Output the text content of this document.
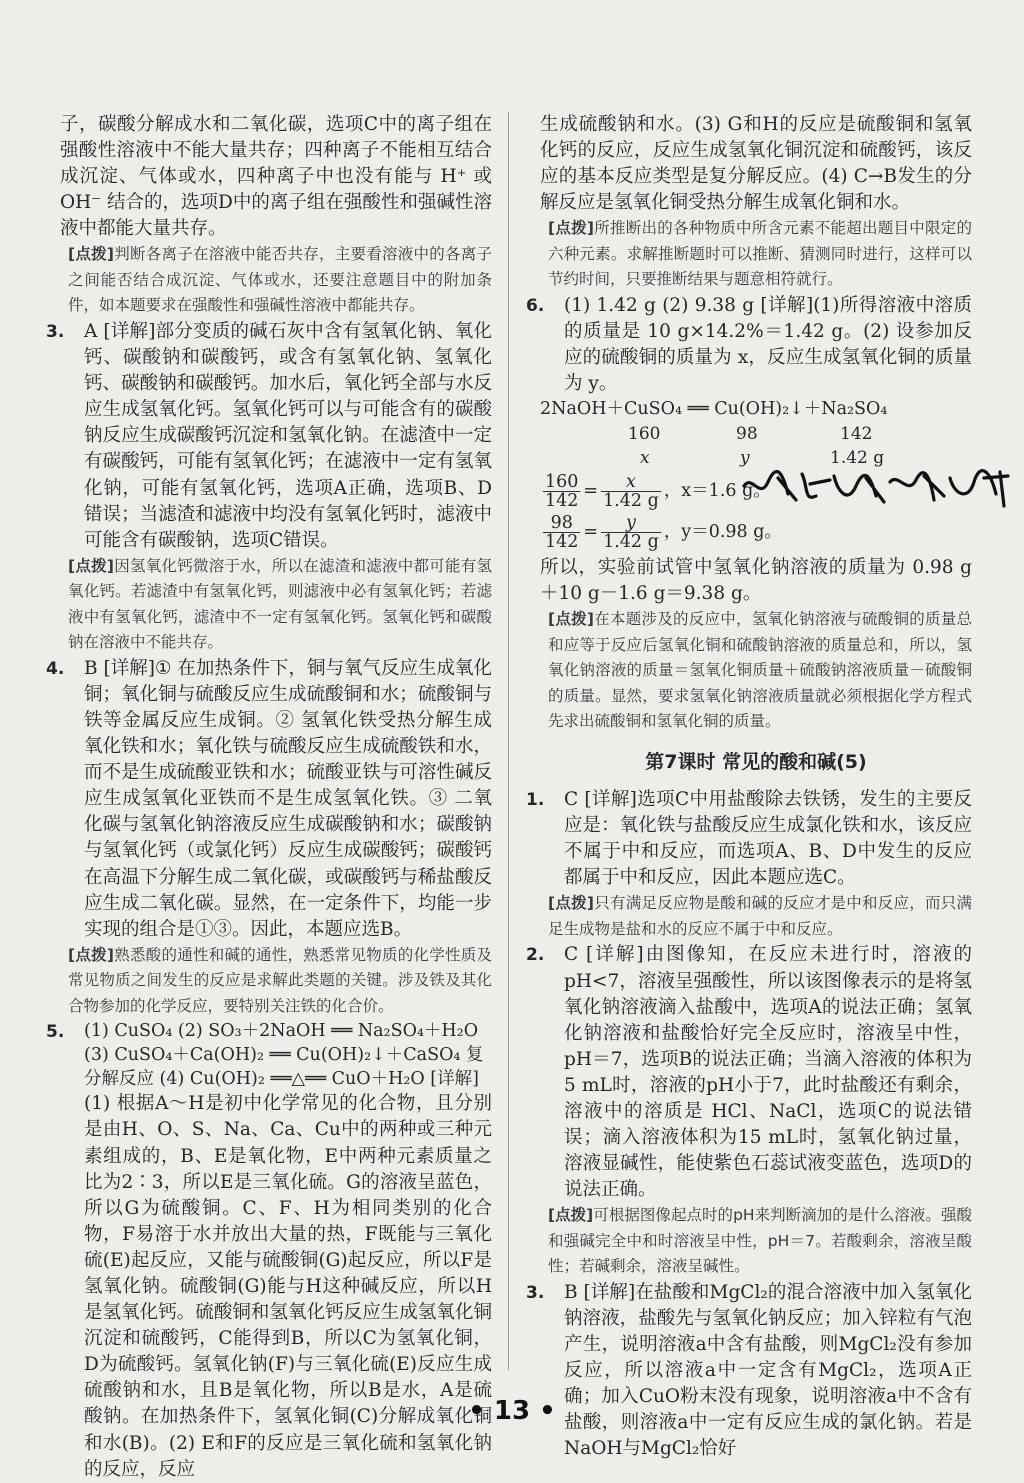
子，碳酸分解成水和二氧化碳，选项C中的离子组在强酸性溶液中不能大量共存；四种离子不能相互结合成沉淀、气体或水，四种离子中也没有能与 H⁺ 或 OH⁻ 结合的，选项D中的离子组在强酸性和强碱性溶液中都能大量共存。

[点拨]判断各离子在溶液中能否共存，主要看溶液中的各离子之间能否结合成沉淀、气体或水，还要注意题目中的附加条件，如本题要求在强酸性和强碱性溶液中都能共存。

3. A [详解]部分变质的碱石灰中含有氢氧化钠、氧化钙、碳酸钠和碳酸钙，或含有氢氧化钠、氢氧化钙、碳酸钠和碳酸钙。加水后，氧化钙全部与水反应生成氢氧化钙。氢氧化钙可以与可能含有的碳酸钠反应生成碳酸钙沉淀和氢氧化钠。在滤渣中一定有碳酸钙，可能有氢氧化钙；在滤液中一定有氢氧化钠，可能有氢氧化钙，选项A正确，选项B、D错误；当滤渣和滤液中均没有氢氧化钙时，滤液中可能含有碳酸钠，选项C错误。

[点拨]因氢氧化钙微溶于水，所以在滤渣和滤液中都可能有氢氧化钙。若滤渣中有氢氧化钙，则滤液中必有氢氧化钙；若滤液中有氢氧化钙，滤渣中不一定有氢氧化钙。氢氧化钙和碳酸钠在溶液中不能共存。

4. B [详解]① 在加热条件下，铜与氧气反应生成氧化铜；氧化铜与硫酸反应生成硫酸铜和水；硫酸铜与铁等金属反应生成铜。② 氢氧化铁受热分解生成氧化铁和水；氧化铁与硫酸反应生成硫酸铁和水，而不是生成硫酸亚铁和水；硫酸亚铁与可溶性碱反应生成氢氧化亚铁而不是生成氢氧化铁。③ 二氧化碳与氢氧化钠溶液反应生成碳酸钠和水；碳酸钠与氢氧化钙（或氯化钙）反应生成碳酸钙；碳酸钙在高温下分解生成二氧化碳，或碳酸钙与稀盐酸反应生成二氧化碳。显然，在一定条件下，均能一步实现的组合是①③。因此，本题应选B。

[点拨]熟悉酸的通性和碱的通性，熟悉常见物质的化学性质及常见物质之间发生的反应是求解此类题的关键。涉及铁及其化合物参加的化学反应，要特别关注铁的化合价。

5. (1) CuSO₄ (2) SO₃＋2NaOH ══ Na₂SO₄＋H₂O

(3) CuSO₄＋Ca(OH)₂ ══ Cu(OH)₂↓＋CaSO₄ 复

分解反应 (4) Cu(OH)₂ ══△══ CuO＋H₂O [详解]

(1) 根据A～H是初中化学常见的化合物，且分别是由H、O、S、Na、Ca、Cu中的两种或三种元素组成的，B、E是氧化物，E中两种元素质量之比为2∶3，所以E是三氧化硫。G的溶液呈蓝色，所以G为硫酸铜。C、F、H为相同类别的化合物，F易溶于水并放出大量的热，F既能与三氧化硫(E)起反应，又能与硫酸铜(G)起反应，所以F是氢氧化钠。硫酸铜(G)能与H这种碱反应，所以H是氢氧化钙。硫酸铜和氢氧化钙反应生成氢氧化铜沉淀和硫酸钙，C能得到B，所以C为氢氧化铜，D为硫酸钙。氢氧化钠(F)与三氧化硫(E)反应生成硫酸钠和水，且B是氧化物，所以B是水，A是硫酸钠。在加热条件下，氢氧化铜(C)分解成氧化铜和水(B)。(2) E和F的反应是三氧化硫和氢氧化钠的反应，反应

生成硫酸钠和水。(3) G和H的反应是硫酸铜和氢氧化钙的反应，反应生成氢氧化铜沉淀和硫酸钙，该反应的基本反应类型是复分解反应。(4) C→B发生的分解反应是氢氧化铜受热分解生成氧化铜和水。

[点拨]所推断出的各种物质中所含元素不能超出题目中限定的六种元素。求解推断题时可以推断、猜测同时进行，这样可以节约时间，只要推断结果与题意相符就行。

6. (1) 1.42 g (2) 9.38 g [详解](1)所得溶液中溶质的质量是 10 g×14.2%＝1.42 g。(2) 设参加反应的硫酸铜的质量为 x，反应生成氢氧化铜的质量为 y。

2NaOH＋CuSO₄ ══ Cu(OH)₂↓＋Na₂SO₄

160	98	142
x	y	1.42 g
$\frac{160}{142} = \frac{x}{1.42 g}$ ，x＝1.6 g。
$\frac{98}{142} = \frac{y}{1.42 g}$ ，y＝0.98 g。

所以，实验前试管中氢氧化钠溶液的质量为 0.98 g＋10 g－1.6 g＝9.38 g。

[点拨]在本题涉及的反应中，氢氧化钠溶液与硫酸铜的质量总和应等于反应后氢氧化铜和硫酸钠溶液的质量总和，所以，氢氧化钠溶液的质量＝氢氧化铜质量＋硫酸钠溶液质量－硫酸铜的质量。显然，要求氢氧化钠溶液质量就必须根据化学方程式先求出硫酸铜和氢氧化铜的质量。

第7课时 常见的酸和碱(5)
1. C [详解]选项C中用盐酸除去铁锈，发生的主要反应是：氧化铁与盐酸反应生成氯化铁和水，该反应不属于中和反应，而选项A、B、D中发生的反应都属于中和反应，因此本题应选C。

[点拨]只有满足反应物是酸和碱的反应才是中和反应，而只满足生成物是盐和水的反应不属于中和反应。

2. C [详解]由图像知，在反应未进行时，溶液的pH<7，溶液呈强酸性，所以该图像表示的是将氢氧化钠溶液滴入盐酸中，选项A的说法正确；氢氧化钠溶液和盐酸恰好完全反应时，溶液呈中性，pH＝7，选项B的说法正确；当滴入溶液的体积为5 mL时，溶液的pH小于7，此时盐酸还有剩余，溶液中的溶质是 HCl、NaCl，选项C的说法错误；滴入溶液体积为15 mL时，氢氧化钠过量，溶液显碱性，能使紫色石蕊试液变蓝色，选项D的说法正确。

[点拨]可根据图像起点时的pH来判断滴加的是什么溶液。强酸和强碱完全中和时溶液呈中性，pH＝7。若酸剩余，溶液呈酸性；若碱剩余，溶液呈碱性。

3. B [详解]在盐酸和MgCl₂的混合溶液中加入氢氧化钠溶液，盐酸先与氢氧化钠反应；加入锌粒有气泡产生，说明溶液a中含有盐酸，则MgCl₂没有参加反应，所以溶液a中一定含有MgCl₂，选项A正确；加入CuO粉末没有现象，说明溶液a中不含有盐酸，则溶液a中一定有反应生成的氯化钠。若是NaOH与MgCl₂恰好

• 13 •
